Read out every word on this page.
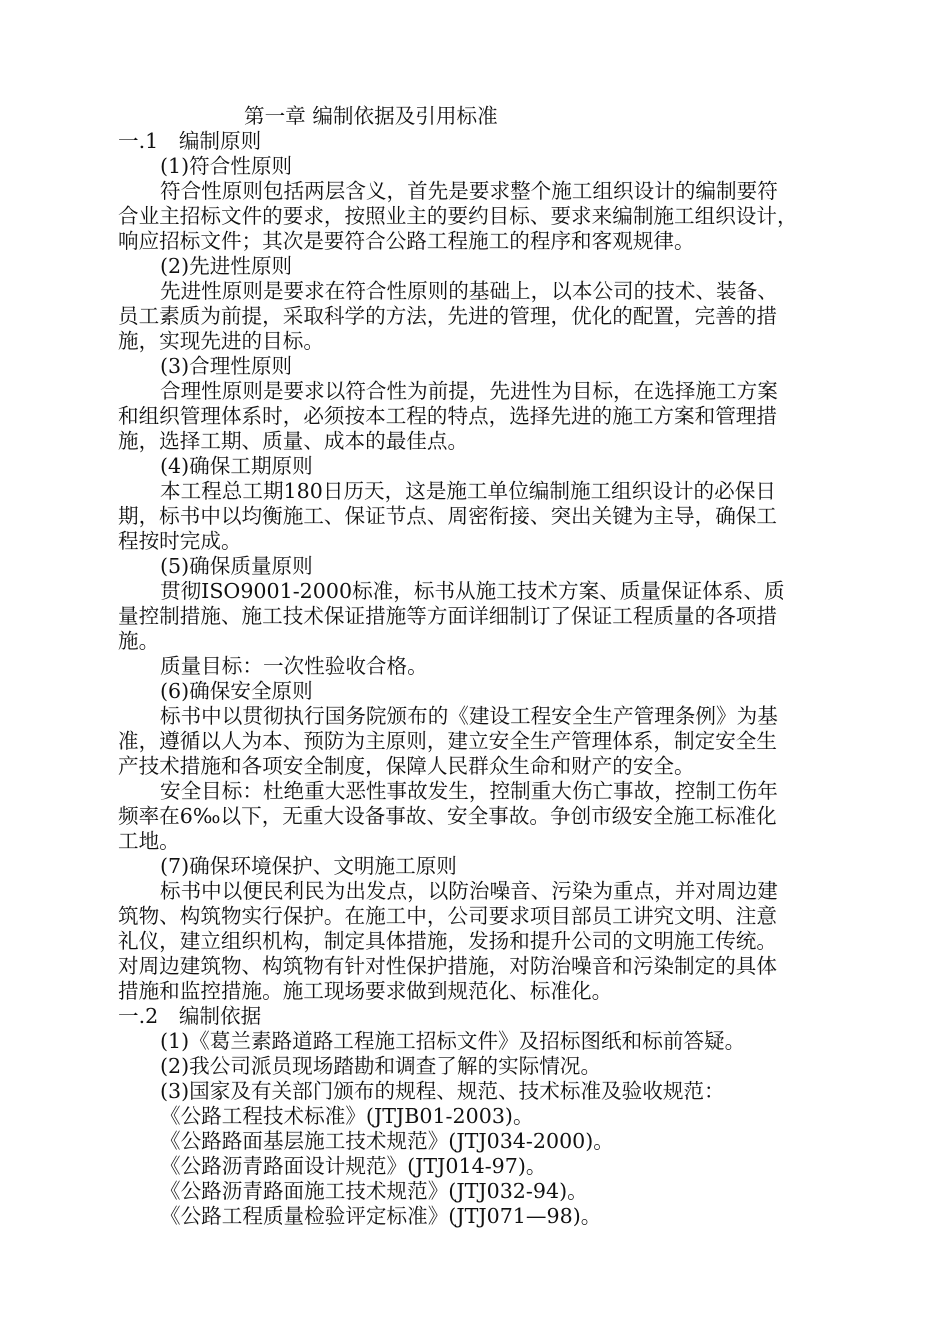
第一章 编制依据及引用标准
一.1　编制原则
(1)符合性原则
符合性原则包括两层含义，首先是要求整个施工组织设计的编制要符
合业主招标文件的要求，按照业主的要约目标、要求来编制施工组织设计，
响应招标文件；其次是要符合公路工程施工的程序和客观规律。
(2)先进性原则
先进性原则是要求在符合性原则的基础上，以本公司的技术、装备、
员工素质为前提，采取科学的方法，先进的管理，优化的配置，完善的措
施，实现先进的目标。
(3)合理性原则
合理性原则是要求以符合性为前提，先进性为目标，在选择施工方案
和组织管理体系时，必须按本工程的特点，选择先进的施工方案和管理措
施，选择工期、质量、成本的最佳点。
(4)确保工期原则
本工程总工期180日历天，这是施工单位编制施工组织设计的必保日
期，标书中以均衡施工、保证节点、周密衔接、突出关键为主导，确保工
程按时完成。
(5)确保质量原则
贯彻ISO9001-2000标准，标书从施工技术方案、质量保证体系、质
量控制措施、施工技术保证措施等方面详细制订了保证工程质量的各项措
施。
质量目标：一次性验收合格。
(6)确保安全原则
标书中以贯彻执行国务院颁布的《建设工程安全生产管理条例》为基
准，遵循以人为本、预防为主原则，建立安全生产管理体系，制定安全生
产技术措施和各项安全制度，保障人民群众生命和财产的安全。
安全目标：杜绝重大恶性事故发生，控制重大伤亡事故，控制工伤年
频率在6‰以下，无重大设备事故、安全事故。争创市级安全施工标准化
工地。
(7)确保环境保护、文明施工原则
标书中以便民利民为出发点，以防治噪音、污染为重点，并对周边建
筑物、构筑物实行保护。在施工中，公司要求项目部员工讲究文明、注意
礼仪，建立组织机构，制定具体措施，发扬和提升公司的文明施工传统。
对周边建筑物、构筑物有针对性保护措施，对防治噪音和污染制定的具体
措施和监控措施。施工现场要求做到规范化、标准化。
一.2　编制依据
(1)《葛兰素路道路工程施工招标文件》及招标图纸和标前答疑。
(2)我公司派员现场踏勘和调查了解的实际情况。
(3)国家及有关部门颁布的规程、规范、技术标准及验收规范：
《公路工程技术标准》(JTJB01-2003)。
《公路路面基层施工技术规范》(JTJ034-2000)。
《公路沥青路面设计规范》(JTJ014-97)。
《公路沥青路面施工技术规范》(JTJ032-94)。
《公路工程质量检验评定标准》(JTJ071—98)。
